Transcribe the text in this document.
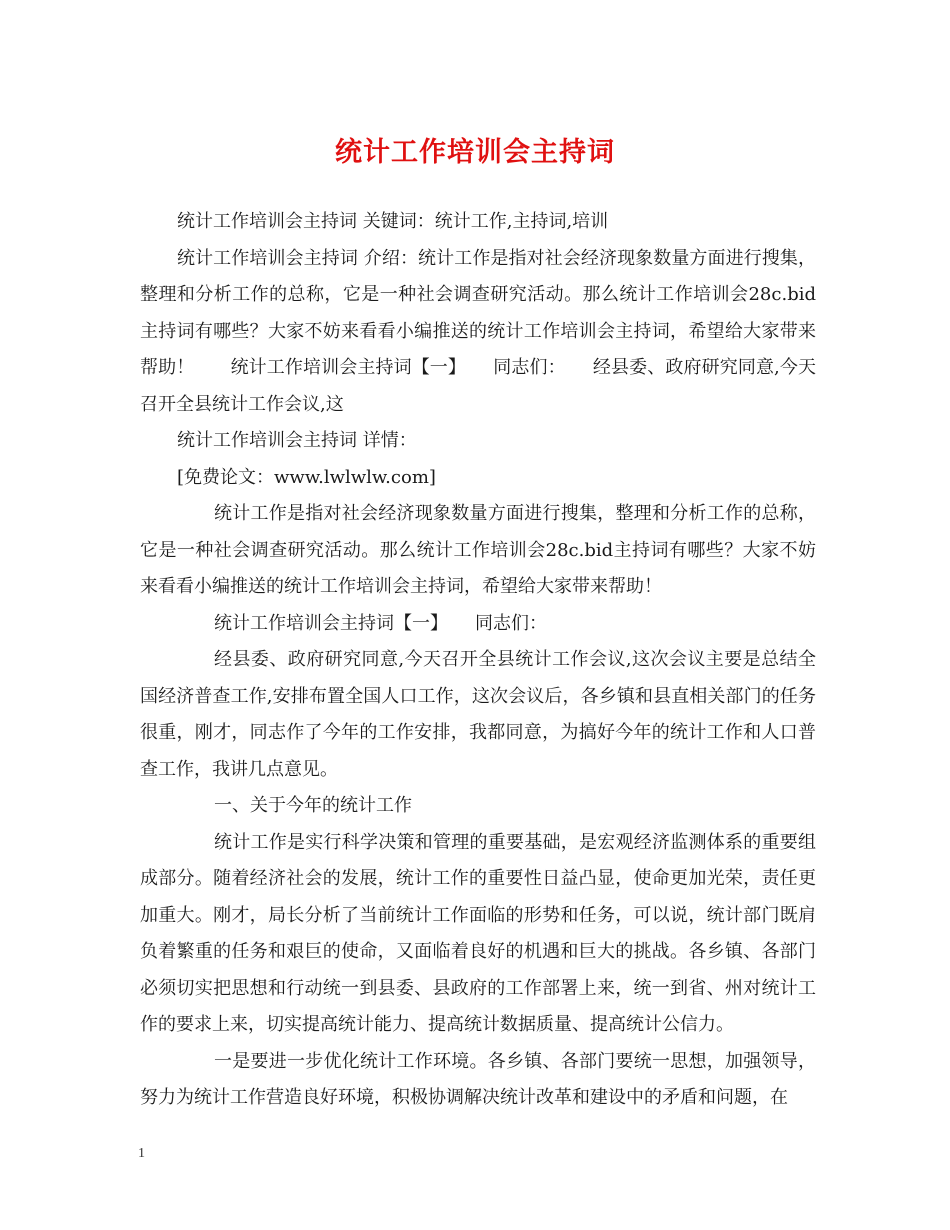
统计工作培训会主持词

统计工作培训会主持词 关键词：统计工作,主持词,培训

统计工作培训会主持词 介绍：统计工作是指对社会经济现象数量方面进行搜集，整理和分析工作的总称，它是一种社会调查研究活动。那么统计工作培训会28c.bid主持词有哪些？大家不妨来看看小编推送的统计工作培训会主持词，希望给大家带来帮助！　　统计工作培训会主持词【一】　　同志们：　　经县委、政府研究同意,今天召开全县统计工作会议,这

统计工作培训会主持词 详情：

[免费论文：www.lwlwlw.com]

统计工作是指对社会经济现象数量方面进行搜集，整理和分析工作的总称，它是一种社会调查研究活动。那么统计工作培训会28c.bid主持词有哪些？大家不妨来看看小编推送的统计工作培训会主持词，希望给大家带来帮助！

统计工作培训会主持词【一】　　同志们：

经县委、政府研究同意,今天召开全县统计工作会议,这次会议主要是总结全国经济普查工作,安排布置全国人口工作，这次会议后，各乡镇和县直相关部门的任务很重，刚才，同志作了今年的工作安排，我都同意，为搞好今年的统计工作和人口普查工作，我讲几点意见。

一、关于今年的统计工作

统计工作是实行科学决策和管理的重要基础，是宏观经济监测体系的重要组成部分。随着经济社会的发展，统计工作的重要性日益凸显，使命更加光荣，责任更加重大。刚才，局长分析了当前统计工作面临的形势和任务，可以说，统计部门既肩负着繁重的任务和艰巨的使命，又面临着良好的机遇和巨大的挑战。各乡镇、各部门必须切实把思想和行动统一到县委、县政府的工作部署上来，统一到省、州对统计工作的要求上来，切实提高统计能力、提高统计数据质量、提高统计公信力。

一是要进一步优化统计工作环境。各乡镇、各部门要统一思想，加强领导，努力为统计工作营造良好环境，积极协调解决统计改革和建设中的矛盾和问题，在

1
